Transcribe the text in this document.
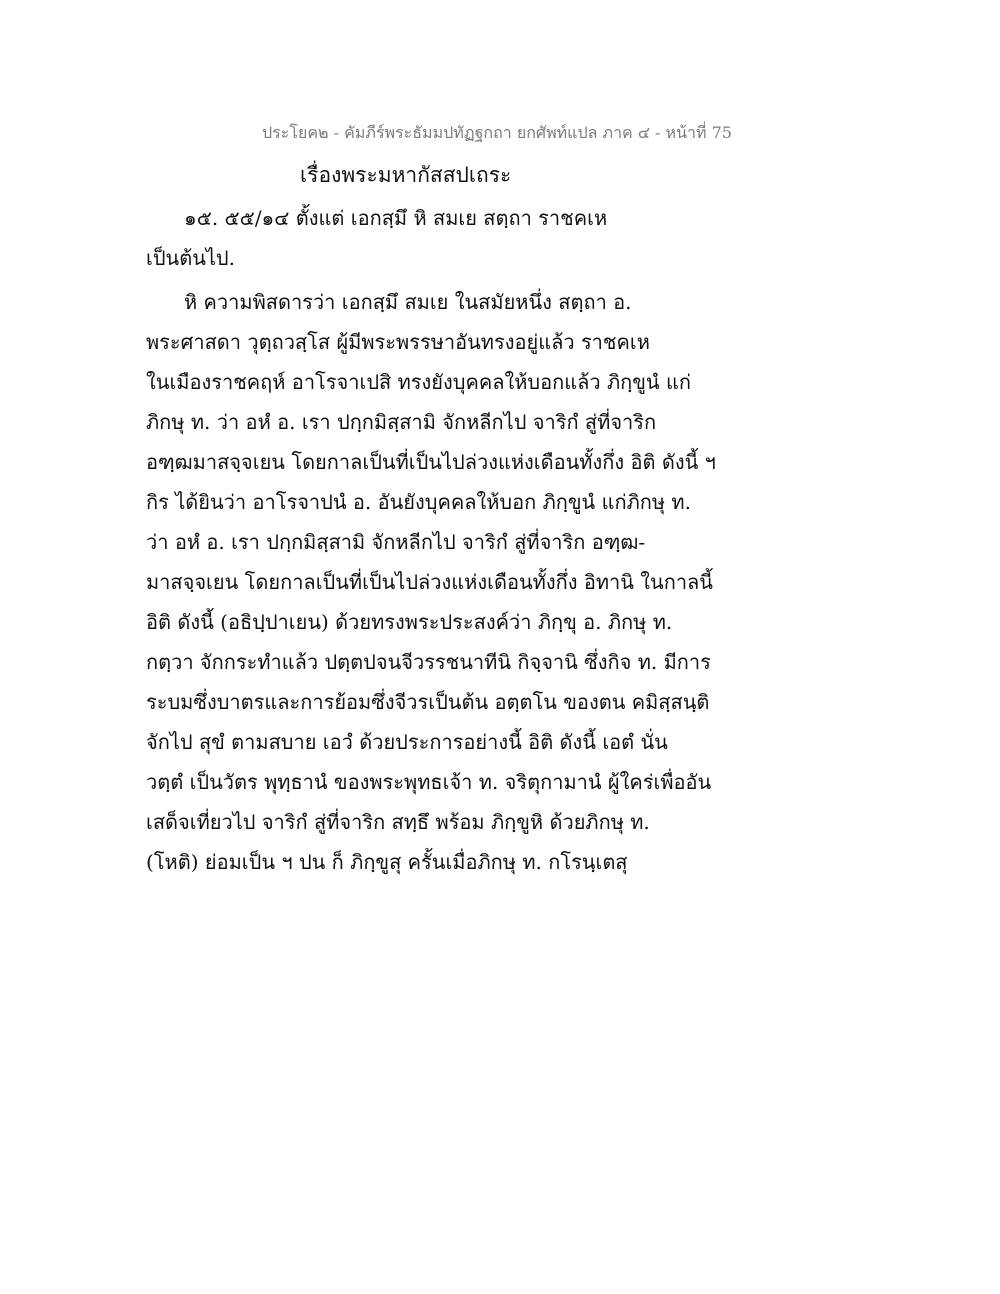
ประโยค๒ - คัมภีร์พระธัมมปทัฏฐกถา ยกศัพท์แปล ภาค ๔ - หน้าที่ 75
เรื่องพระมหากัสสปเถระ
๑๕. ๕๕/๑๔ ตั้งแต่ เอกสฺมึ หิ สมเย สตฺถา ราชคเห
เป็นต้นไป.
หิ ความพิสดารว่า เอกสฺมึ สมเย ในสมัยหนึ่ง สตฺถา อ.
พระศาสดา วุตฺถวสฺโส ผู้มีพระพรรษาอันทรงอยู่แล้ว ราชคเห
ในเมืองราชคฤห์ อาโรจาเปสิ ทรงยังบุคคลให้บอกแล้ว ภิกฺขูนํ แก่
ภิกษุ ท. ว่า อหํ อ. เรา ปกฺกมิสฺสามิ จักหลีกไป จาริกํ สู่ที่จาริก
อฑฺฒมาสจฺจเยน โดยกาลเป็นที่เป็นไปล่วงแห่งเดือนทั้งกึ่ง อิติ ดังนี้ ฯ
กิร ได้ยินว่า อาโรจาปนํ อ. อันยังบุคคลให้บอก ภิกฺขูนํ แก่ภิกษุ ท.
ว่า อหํ อ. เรา ปกฺกมิสฺสามิ จักหลีกไป จาริกํ สู่ที่จาริก อฑฺฒ-
มาสจฺจเยน โดยกาลเป็นที่เป็นไปล่วงแห่งเดือนทั้งกึ่ง อิทานิ ในกาลนี้
อิติ ดังนี้ (อธิปฺปาเยน) ด้วยทรงพระประสงค์ว่า ภิกฺขุ อ. ภิกษุ ท.
กตฺวา จักกระทำแล้ว ปตฺตปจนจีวรรชนาทีนิ กิจฺจานิ ซึ่งกิจ ท. มีการ
ระบมซึ่งบาตรและการย้อมซึ่งจีวรเป็นต้น อตฺตโน ของตน คมิสฺสนฺติ
จักไป สุขํ ตามสบาย เอวํ ด้วยประการอย่างนี้ อิติ ดังนี้ เอตํ นั่น
วตฺตํ เป็นวัตร พุทฺธานํ ของพระพุทธเจ้า ท. จริตุกามานํ ผู้ใคร่เพื่ออัน
เสด็จเที่ยวไป จาริกํ สู่ที่จาริก สทฺธึ พร้อม ภิกฺขูหิ ด้วยภิกษุ ท.
(โหติ) ย่อมเป็น ฯ ปน ก็ ภิกฺขูสุ ครั้นเมื่อภิกษุ ท. กโรนฺเตสุ
